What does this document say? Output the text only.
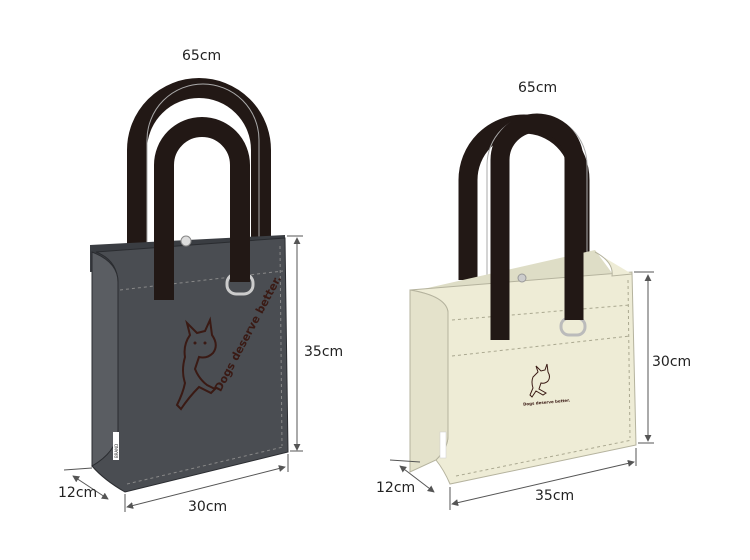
Dogs deserve better.
BRAND
65cm
35cm
30cm
12cm
Dogs deserve better.
65cm
30cm
35cm
12cm
